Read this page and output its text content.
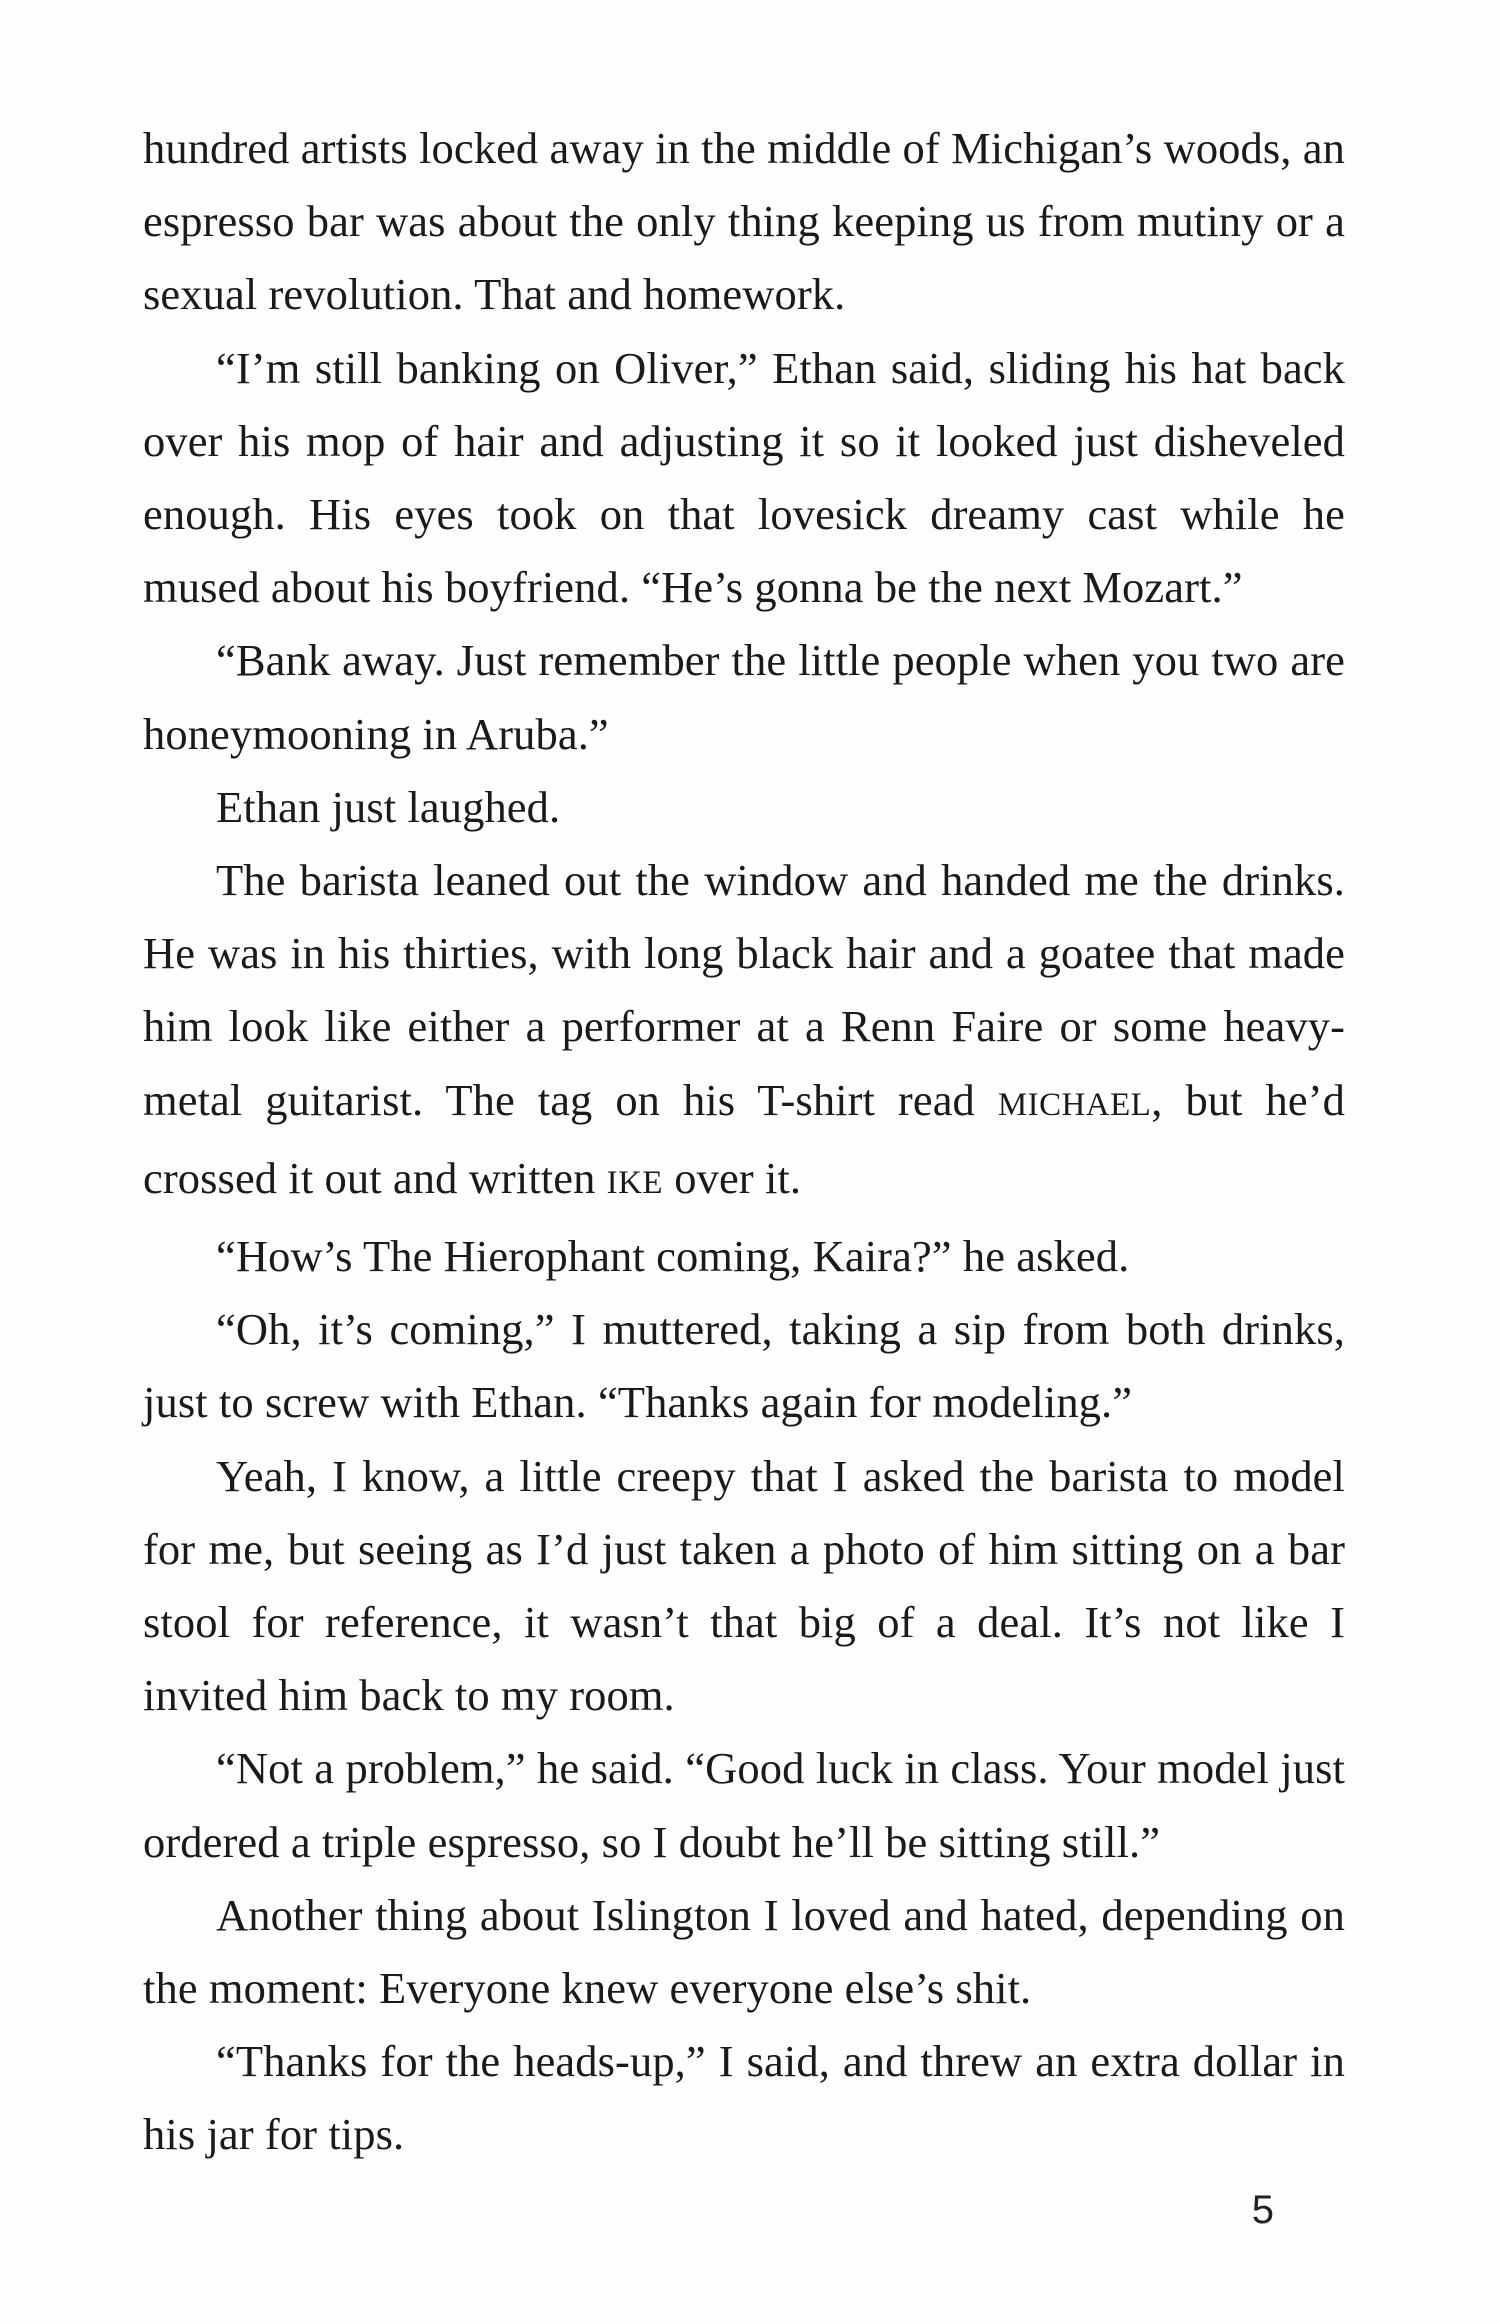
hundred artists locked away in the middle of Michigan’s woods, an espresso bar was about the only thing keeping us from mutiny or a sexual revolution. That and homework.

“I’m still banking on Oliver,” Ethan said, sliding his hat back over his mop of hair and adjusting it so it looked just disheveled enough. His eyes took on that lovesick dreamy cast while he mused about his boyfriend. “He’s gonna be the next Mozart.”

“Bank away. Just remember the little people when you two are honeymooning in Aruba.”

Ethan just laughed.

The barista leaned out the window and handed me the drinks. He was in his thirties, with long black hair and a goatee that made him look like either a performer at a Renn Faire or some heavy-metal guitarist. The tag on his T-shirt read MICHAEL, but he’d crossed it out and written IKE over it.

“How’s The Hierophant coming, Kaira?” he asked.

“Oh, it’s coming,” I muttered, taking a sip from both drinks, just to screw with Ethan. “Thanks again for modeling.”

Yeah, I know, a little creepy that I asked the barista to model for me, but seeing as I’d just taken a photo of him sitting on a bar stool for reference, it wasn’t that big of a deal. It’s not like I invited him back to my room.

“Not a problem,” he said. “Good luck in class. Your model just ordered a triple espresso, so I doubt he’ll be sitting still.”

Another thing about Islington I loved and hated, depending on the moment: Everyone knew everyone else’s shit.

“Thanks for the heads-up,” I said, and threw an extra dollar in his jar for tips.

5
